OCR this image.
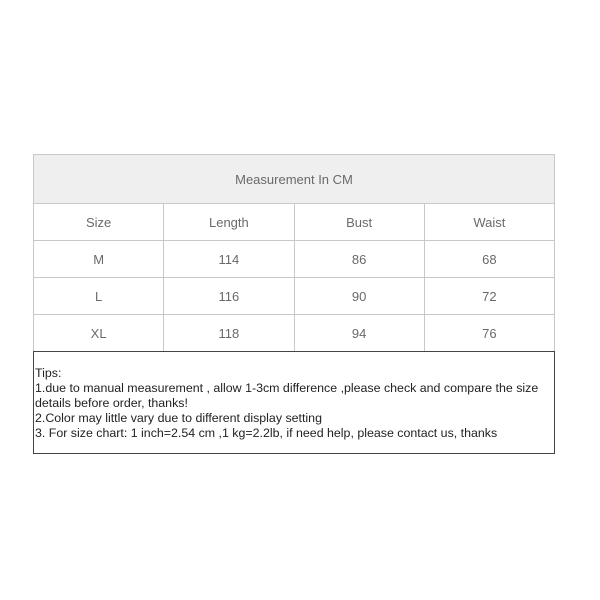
Measurement In CM			
Size	Length	Bust	Waist
M	114	86	68
L	116	90	72
XL	118	94	76
Tips:
1.due to manual measurement , allow 1-3cm difference ,please check and compare the size details before order, thanks!
2.Color may little vary due to different display setting
3. For size chart: 1 inch=2.54 cm ,1 kg=2.2lb, if need help, please contact us, thanks
